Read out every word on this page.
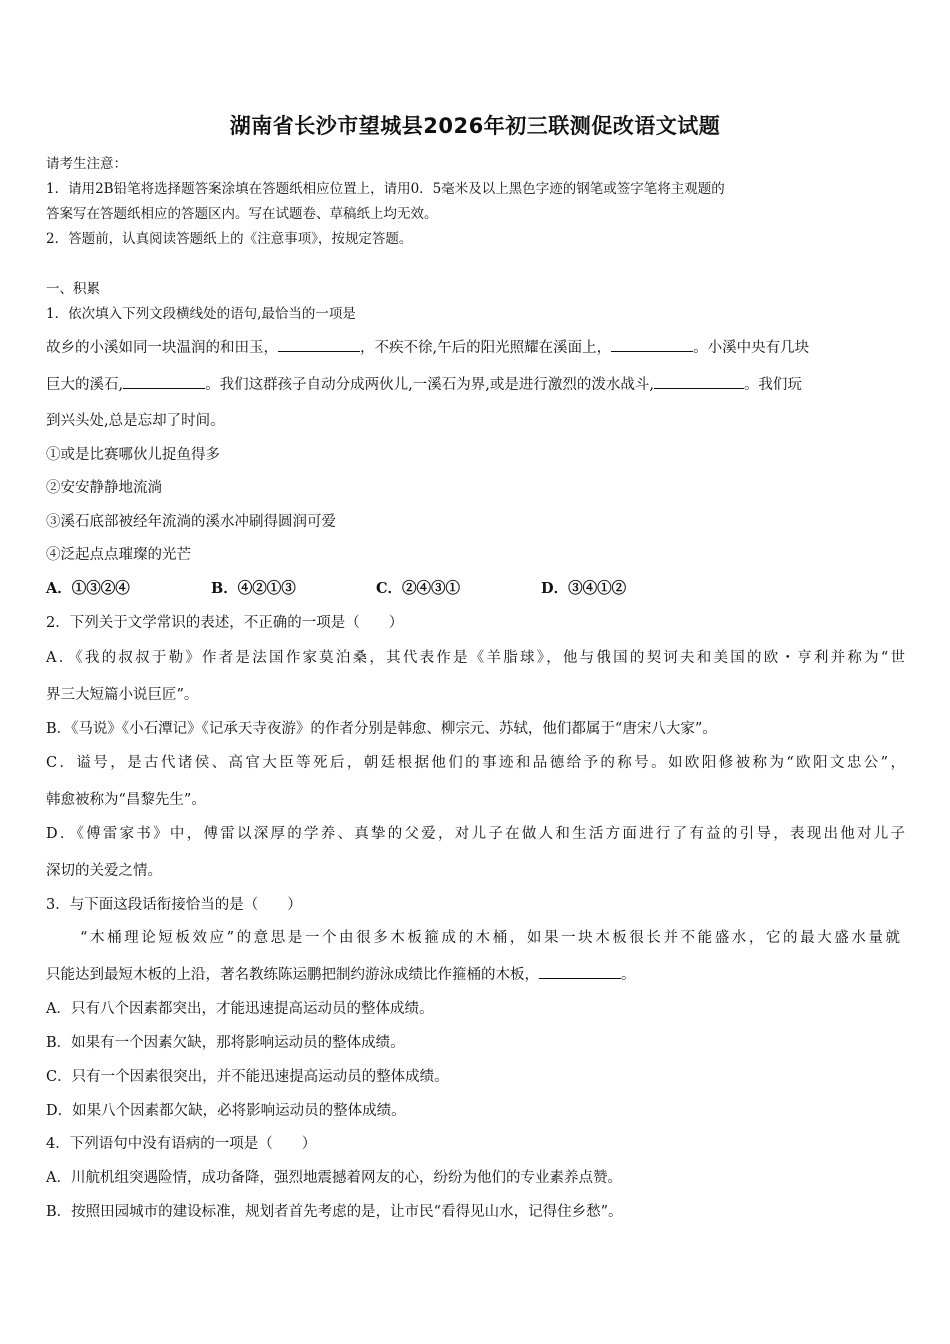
湖南省长沙市望城县2026年初三联测促改语文试题
请考生注意：
1．请用2B铅笔将选择题答案涂填在答题纸相应位置上，请用0．5毫米及以上黑色字迹的钢笔或签字笔将主观题的
答案写在答题纸相应的答题区内。写在试题卷、草稿纸上均无效。
2．答题前，认真阅读答题纸上的《注意事项》，按规定答题。
一、积累
1．依次填入下列文段横线处的语句,最恰当的一项是
故乡的小溪如同一块温润的和田玉，	，不疾不徐,午后的阳光照耀在溪面上，	。小溪中央有几块
巨大的溪石,	。我们这群孩子自动分成两伙儿,一溪石为界,或是进行激烈的泼水战斗,	。我们玩
到兴头处,总是忘却了时间。
①或是比赛哪伙儿捉鱼得多
②安安静静地流淌
③溪石底部被经年流淌的溪水冲刷得圆润可爱
④泛起点点璀璨的光芒
A．①③②④	B．④②①③	C．②④③①	D．③④①②
2．下列关于文学常识的表述，不正确的一项是（　　）
A．《我的叔叔于勒》作者是法国作家莫泊桑，其代表作是《羊脂球》，他与俄国的契诃夫和美国的欧・亨利并称为“世
界三大短篇小说巨匠”。
B．《马说》《小石潭记》《记承天寺夜游》的作者分别是韩愈、柳宗元、苏轼，他们都属于“唐宋八大家”。
C．谥号，是古代诸侯、高官大臣等死后，朝廷根据他们的事迹和品德给予的称号。如欧阳修被称为“欧阳文忠公”，
韩愈被称为“昌黎先生”。
D．《傅雷家书》中，傅雷以深厚的学养、真挚的父爱，对儿子在做人和生活方面进行了有益的引导，表现出他对儿子
深切的关爱之情。
3．与下面这段话衔接恰当的是（　　）
“木桶理论短板效应”的意思是一个由很多木板箍成的木桶，如果一块木板很长并不能盛水，它的最大盛水量就
只能达到最短木板的上沿，著名教练陈运鹏把制约游泳成绩比作箍桶的木板，	。
A．只有八个因素都突出，才能迅速提高运动员的整体成绩。
B．如果有一个因素欠缺，那将影响运动员的整体成绩。
C．只有一个因素很突出，并不能迅速提高运动员的整体成绩。
D．如果八个因素都欠缺，必将影响运动员的整体成绩。
4．下列语句中没有语病的一项是（　　）
A．川航机组突遇险情，成功备降，强烈地震撼着网友的心，纷纷为他们的专业素养点赞。
B．按照田园城市的建设标准，规划者首先考虑的是，让市民“看得见山水，记得住乡愁”。
